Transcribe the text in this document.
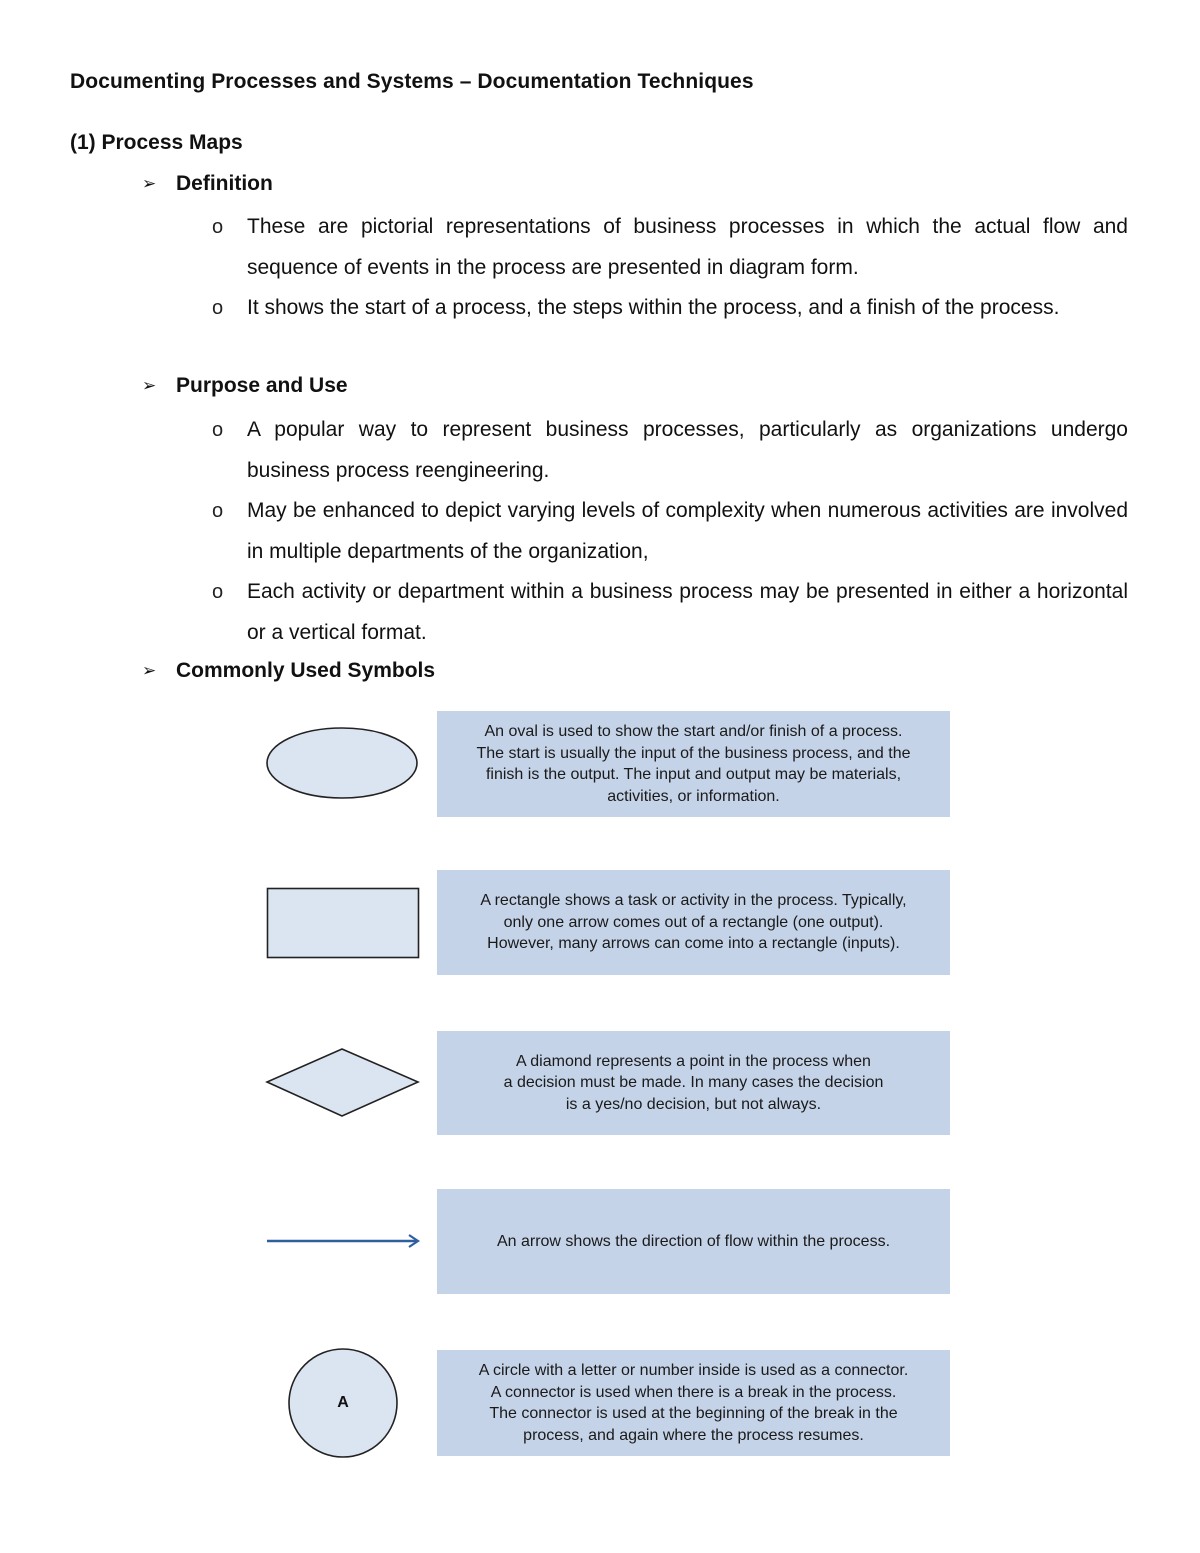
Documenting Processes and Systems – Documentation Techniques
(1) Process Maps
➢ Definition
o These are pictorial representations of business processes in which the actual flow and sequence of events in the process are presented in diagram form.
o It shows the start of a process, the steps within the process, and a finish of the process.
➢ Purpose and Use
o A popular way to represent business processes, particularly as organizations undergo business process reengineering.
o May be enhanced to depict varying levels of complexity when numerous activities are involved in multiple departments of the organization,
o Each activity or department within a business process may be presented in either a horizontal or a vertical format.
➢ Commonly Used Symbols
An oval is used to show the start and/or finish of a process.
The start is usually the input of the business process, and the
finish is the output. The input and output may be materials,
activities, or information.
A rectangle shows a task or activity in the process. Typically,
only one arrow comes out of a rectangle (one output).
However, many arrows can come into a rectangle (inputs).
A diamond represents a point in the process when
a decision must be made. In many cases the decision
is a yes/no decision, but not always.
An arrow shows the direction of flow within the process.
A
A circle with a letter or number inside is used as a connector.
A connector is used when there is a break in the process.
The connector is used at the beginning of the break in the
process, and again where the process resumes.
